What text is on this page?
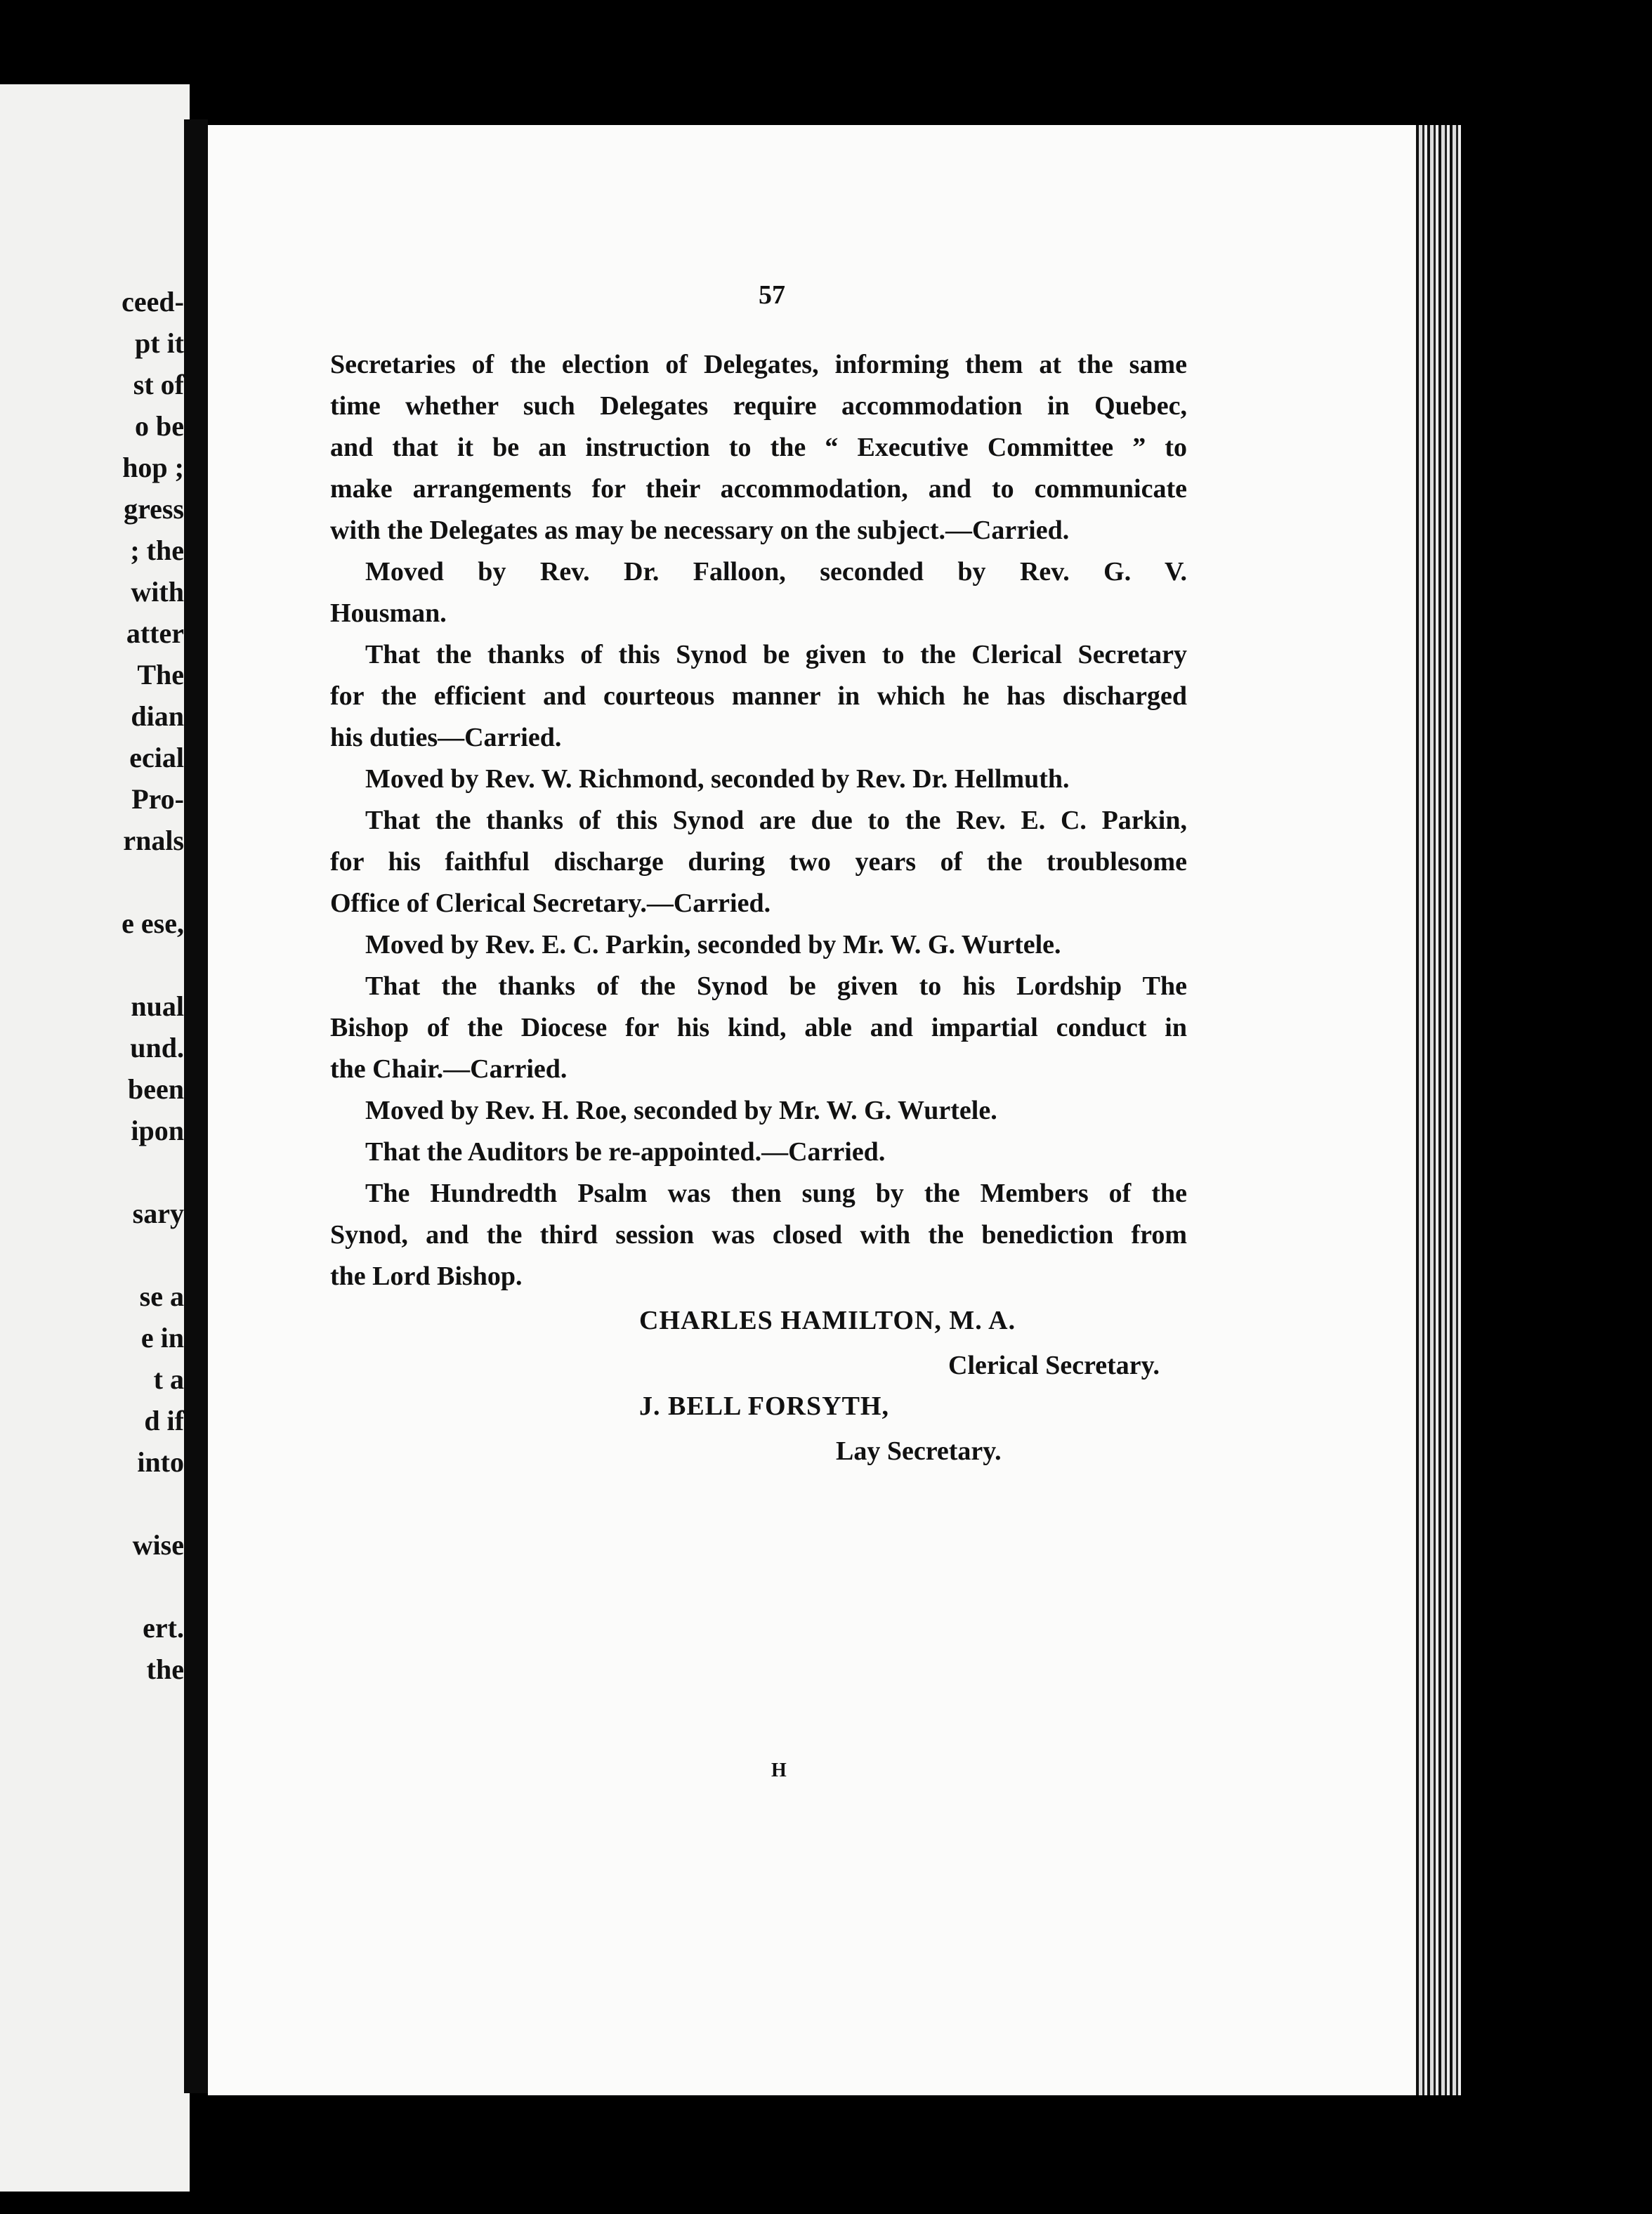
ceed-
pt it
st of
o be
hop ;
gress
; the
with
atter
The
dian
ecial
Pro-
rnals
e ese,
nual
und.
been
ipon
sary
se a
e in
t a
d if
into
wise
ert.
the
57
Secretaries of the election of Delegates, informing them at the same
time whether such Delegates require accommodation in Quebec,
and that it be an instruction to the “ Executive Committee ” to
make arrangements for their accommodation, and to communicate
with the Delegates as may be necessary on the subject.—Carried.
Moved by Rev. Dr. Falloon, seconded by Rev. G. V.
Housman.
That the thanks of this Synod be given to the Clerical Secretary
for the efficient and courteous manner in which he has discharged
his duties—Carried.
Moved by Rev. W. Richmond, seconded by Rev. Dr. Hellmuth.
That the thanks of this Synod are due to the Rev. E. C. Parkin,
for his faithful discharge during two years of the troublesome
Office of Clerical Secretary.—Carried.
Moved by Rev. E. C. Parkin, seconded by Mr. W. G. Wurtele.
That the thanks of the Synod be given to his Lordship The
Bishop of the Diocese for his kind, able and impartial conduct in
the Chair.—Carried.
Moved by Rev. H. Roe, seconded by Mr. W. G. Wurtele.
That the Auditors be re-appointed.—Carried.
The Hundredth Psalm was then sung by the Members of the
Synod, and the third session was closed with the benediction from
the Lord Bishop.
CHARLES HAMILTON, M. A.
Clerical Secretary.
J. BELL FORSYTH,
Lay Secretary.
H
